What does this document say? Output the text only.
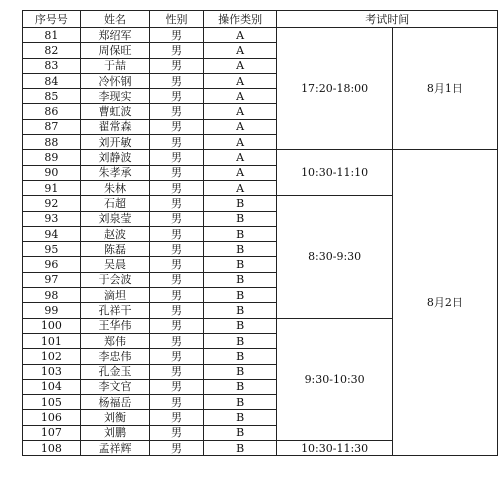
序号号	姓名	性别	操作类别	考试时间	
81	郑绍军	男	A	17:20-18:00	8月1日
82	周保旺	男	A		
83	于喆	男	A		
84	冷怀钢	男	A		
85	李现实	男	A		
86	曹虹波	男	A		
87	翟常森	男	A		
88	刘开敏	男	A		
89	刘静波	男	A	10:30-11:10	8月2日
90	朱孝承	男	A		
91	朱林	男	A		
92	石超	男	B	8:30-9:30	
93	刘泉莹	男	B		
94	赵波	男	B		
95	陈磊	男	B		
96	吴晨	男	B		
97	于会波	男	B		
98	滴坦	男	B		
99	孔祥干	男	B		
100	王华伟	男	B	9:30-10:30	
101	郑伟	男	B		
102	李忠伟	男	B		
103	孔金玉	男	B		
104	李文官	男	B		
105	杨福岳	男	B		
106	刘衡	男	B		
107	刘鹏	男	B		
108	孟祥辉	男	B	10:30-11:30	
